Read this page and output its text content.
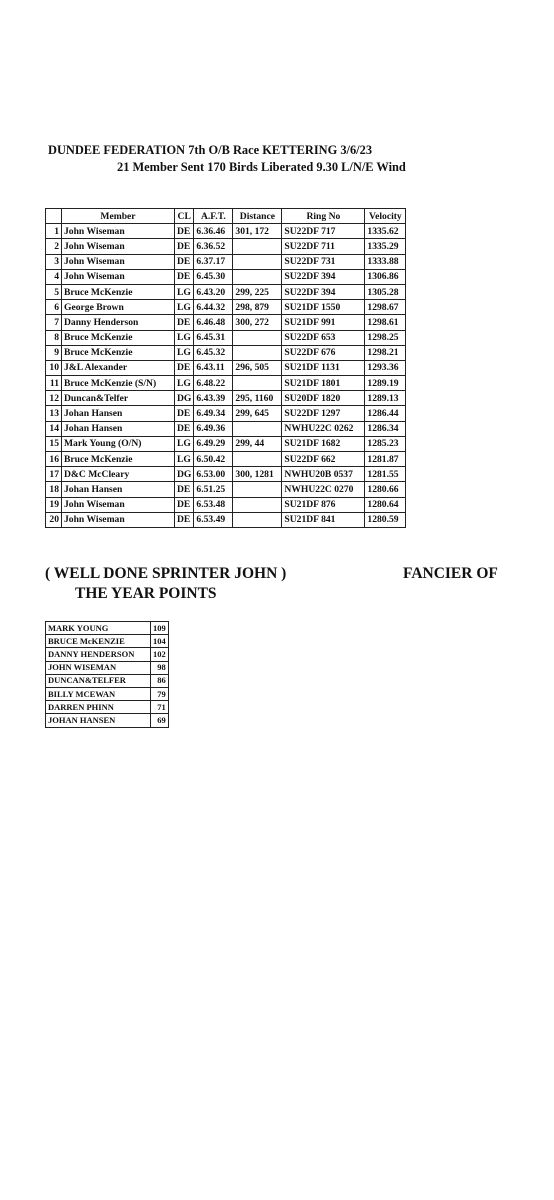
DUNDEE FEDERATION 7th O/B Race KETTERING 3/6/23
21 Member Sent 170 Birds Liberated 9.30 L/N/E Wind
	Member	CL	A.F.T.	Distance	Ring No	Velocity
1	John Wiseman	DE	6.36.46	301, 172	SU22DF 717	1335.62
2	John Wiseman	DE	6.36.52		SU22DF 711	1335.29
3	John Wiseman	DE	6.37.17		SU22DF 731	1333.88
4	John Wiseman	DE	6.45.30		SU22DF 394	1306.86
5	Bruce McKenzie	LG	6.43.20	299, 225	SU22DF 394	1305.28
6	George Brown	LG	6.44.32	298, 879	SU21DF 1550	1298.67
7	Danny Henderson	DE	6.46.48	300, 272	SU21DF 991	1298.61
8	Bruce McKenzie	LG	6.45.31		SU22DF 653	1298.25
9	Bruce McKenzie	LG	6.45.32		SU22DF 676	1298.21
10	J&L Alexander	DE	6.43.11	296, 505	SU21DF 1131	1293.36
11	Bruce McKenzie (S/N)	LG	6.48.22		SU21DF 1801	1289.19
12	Duncan&Telfer	DG	6.43.39	295, 1160	SU20DF 1820	1289.13
13	Johan Hansen	DE	6.49.34	299, 645	SU22DF 1297	1286.44
14	Johan Hansen	DE	6.49.36		NWHU22C 0262	1286.34
15	Mark Young (O/N)	LG	6.49.29	299, 44	SU21DF 1682	1285.23
16	Bruce McKenzie	LG	6.50.42		SU22DF 662	1281.87
17	D&C McCleary	DG	6.53.00	300, 1281	NWHU20B 0537	1281.55
18	Johan Hansen	DE	6.51.25		NWHU22C 0270	1280.66
19	John Wiseman	DE	6.53.48		SU21DF 876	1280.64
20	John Wiseman	DE	6.53.49		SU21DF 841	1280.59
( WELL DONE SPRINTER JOHN )
THE YEAR POINTS
FANCIER OF
MARK YOUNG	109
BRUCE McKENZIE	104
DANNY HENDERSON	102
JOHN WISEMAN	98
DUNCAN&TELFER	86
BILLY MCEWAN	79
DARREN PHINN	71
JOHAN HANSEN	69
